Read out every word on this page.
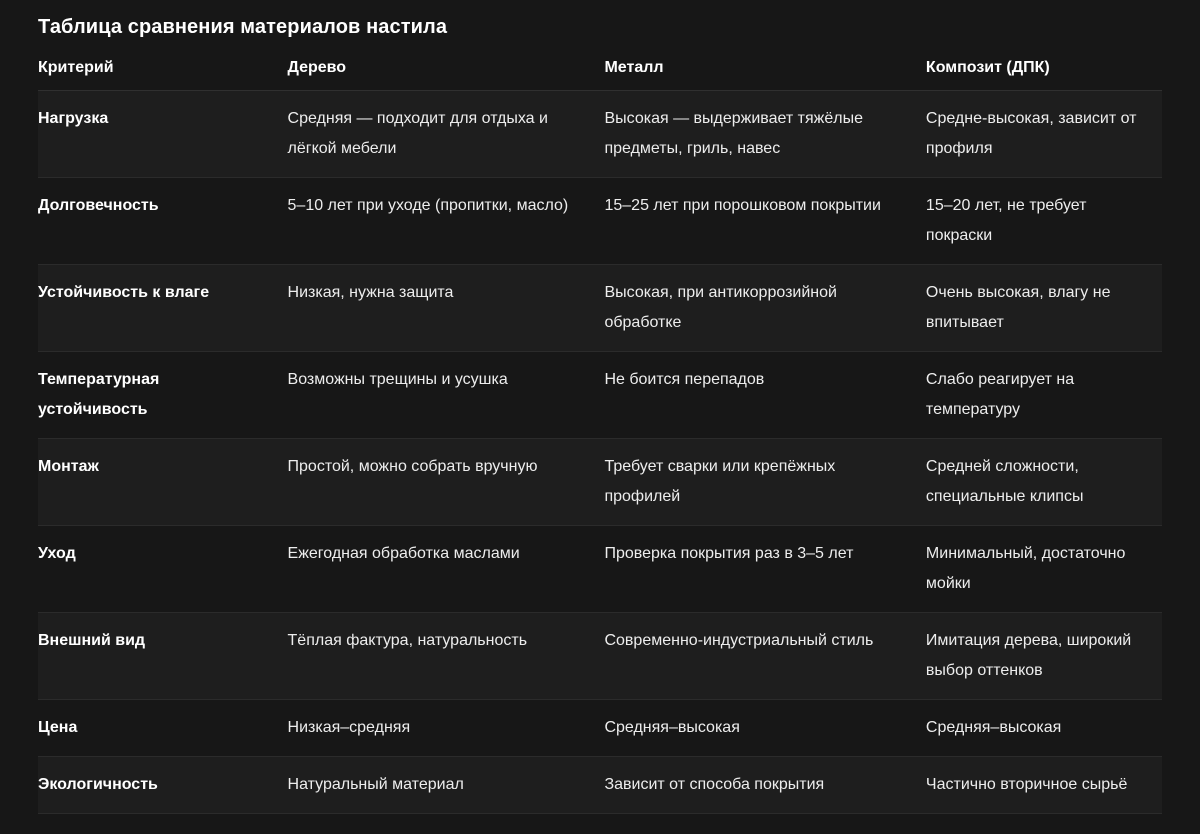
Таблица сравнения материалов настила
Критерий	Дерево	Металл	Композит (ДПК)
Нагрузка	Средняя — подходит для отдыха и лёгкой мебели	Высокая — выдерживает тяжёлые предметы, гриль, навес	Средне-высокая, зависит от профиля
Долговечность	5–10 лет при уходе (пропитки, масло)	15–25 лет при порошковом покрытии	15–20 лет, не требует покраски
Устойчивость к влаге	Низкая, нужна защита	Высокая, при антикоррозийной обработке	Очень высокая, влагу не впитывает
Температурная устойчивость	Возможны трещины и усушка	Не боится перепадов	Слабо реагирует на температуру
Монтаж	Простой, можно собрать вручную	Требует сварки или крепёжных профилей	Средней сложности, специальные клипсы
Уход	Ежегодная обработка маслами	Проверка покрытия раз в 3–5 лет	Минимальный, достаточно мойки
Внешний вид	Тёплая фактура, натуральность	Современно-индустриальный стиль	Имитация дерева, широкий выбор оттенков
Цена	Низкая–средняя	Средняя–высокая	Средняя–высокая
Экологичность	Натуральный материал	Зависит от способа покрытия	Частично вторичное сырьё
